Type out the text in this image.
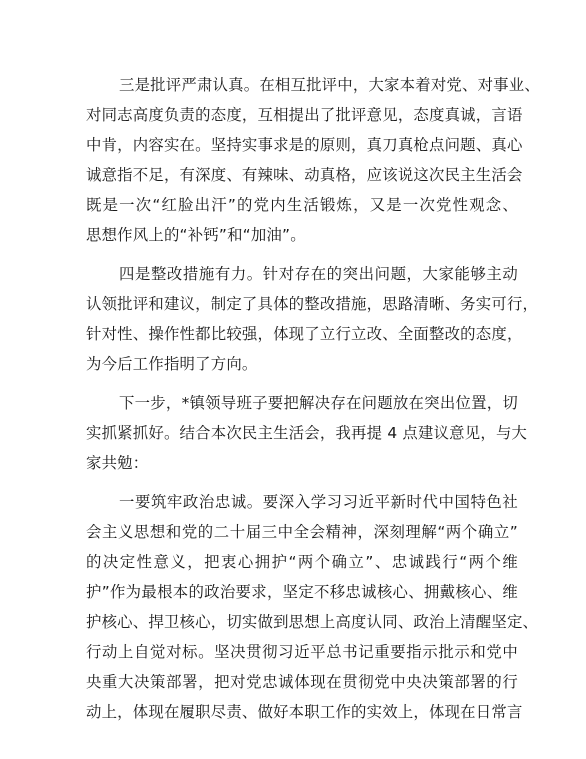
三是批评严肃认真。在相互批评中，大家本着对党、对事业、
对同志高度负责的态度，互相提出了批评意见，态度真诚，言语
中肯，内容实在。坚持实事求是的原则，真刀真枪点问题、真心
诚意指不足，有深度、有辣味、动真格，应该说这次民主生活会
既是一次“红脸出汗”的党内生活锻炼，又是一次党性观念、
思想作风上的“补钙”和“加油”。
四是整改措施有力。针对存在的突出问题，大家能够主动
认领批评和建议，制定了具体的整改措施，思路清晰、务实可行，
针对性、操作性都比较强，体现了立行立改、全面整改的态度，
为今后工作指明了方向。
下一步，*镇领导班子要把解决存在问题放在突出位置，切
实抓紧抓好。结合本次民主生活会，我再提 4 点建议意见，与大
家共勉：
一要筑牢政治忠诚。要深入学习习近平新时代中国特色社
会主义思想和党的二十届三中全会精神，深刻理解“两个确立”
的决定性意义，把衷心拥护“两个确立”、忠诚践行“两个维
护”作为最根本的政治要求，坚定不移忠诚核心、拥戴核心、维
护核心、捍卫核心，切实做到思想上高度认同、政治上清醒坚定、
行动上自觉对标。坚决贯彻习近平总书记重要指示批示和党中
央重大决策部署，把对党忠诚体现在贯彻党中央决策部署的行
动上，体现在履职尽责、做好本职工作的实效上，体现在日常言
